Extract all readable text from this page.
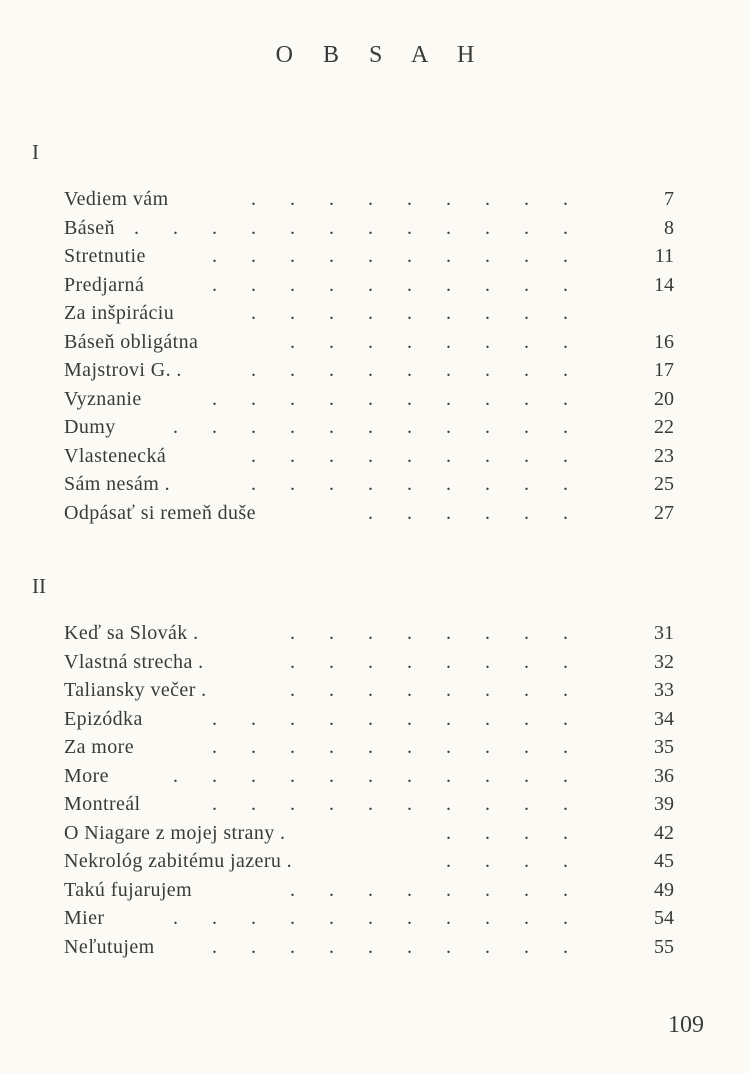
O B S A H
I
. . . . . . . . .
Vediem vám	7
. . . . . . . . . . . .
Báseň	8
. . . . . . . . . .
Stretnutie	11
. . . . . . . . . .
Predjarná	14
. . . . . . . . .
Za inšpiráciu
. . . . . . . .
Báseň obligátna	16
. . . . . . . . .
Majstrovi G. .	17
. . . . . . . . . .
Vyznanie	20
. . . . . . . . . . .
Dumy	22
. . . . . . . . .
Vlastenecká	23
. . . . . . . . .
Sám nesám .	25
. . . . . .
Odpásať si remeň duše	27
II
. . . . . . . .
Keď sa Slovák .	31
. . . . . . . .
Vlastná strecha .	32
. . . . . . . .
Taliansky večer .	33
. . . . . . . . . .
Epizódka	34
. . . . . . . . . .
Za more	35
. . . . . . . . . . .
More	36
. . . . . . . . . .
Montreál	39
. . . .
O Niagare z mojej strany .	42
. . . .
Nekrológ zabitému jazeru .	45
. . . . . . . .
Takú fujarujem	49
. . . . . . . . . . .
Mier	54
. . . . . . . . . .
Neľutujem	55
109
